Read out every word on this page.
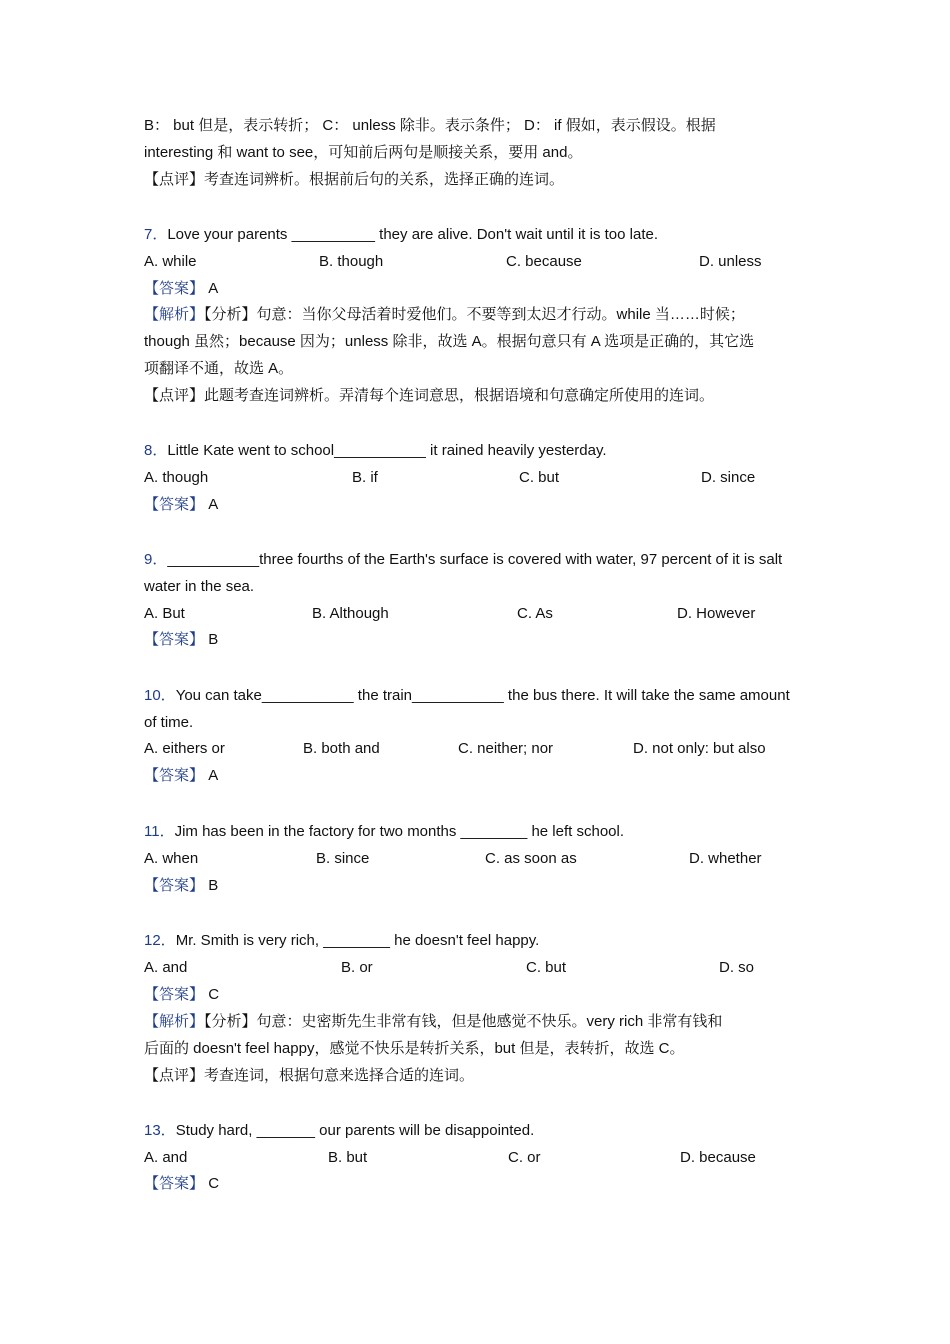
B： but 但是，表示转折； C： unless 除非。表示条件； D： if 假如，表示假设。根据
interesting 和 want to see，可知前后两句是顺接关系，要用 and。
【点评】考查连词辨析。根据前后句的关系，选择正确的连词。
7．Love your parents __________ they are alive. Don't wait until it is too late.
A. while	B. though	C. because	D. unless
【答案】 A
【解析】【分析】句意：当你父母活着时爱他们。不要等到太迟才行动。while 当……时候；
though 虽然；because 因为；unless 除非，故选 A。根据句意只有 A 选项是正确的，其它选
项翻译不通，故选 A。
【点评】此题考查连词辨析。弄清每个连词意思，根据语境和句意确定所使用的连词。
8．Little Kate went to school___________ it rained heavily yesterday.
A. though	B. if	C. but	D. since
【答案】 A
9．___________three fourths of the Earth's surface is covered with water, 97 percent of it is salt
water in the sea.
A. But	B. Although	C. As	D. However
【答案】 B
10．You can take___________ the train___________ the bus there. It will take the same amount
of time.
A. eithers or	B. both and	C. neither; nor	D. not only: but also
【答案】 A
11．Jim has been in the factory for two months ________ he left school.
A. when	B. since	C. as soon as	D. whether
【答案】 B
12．Mr. Smith is very rich, ________ he doesn't feel happy.
A. and	B. or	C. but	D. so
【答案】 C
【解析】【分析】句意：史密斯先生非常有钱，但是他感觉不快乐。very rich 非常有钱和
后面的 doesn't feel happy，感觉不快乐是转折关系，but 但是，表转折，故选 C。
【点评】考查连词，根据句意来选择合适的连词。
13．Study hard, _______ our parents will be disappointed.
A. and	B. but	C. or	D. because
【答案】 C
